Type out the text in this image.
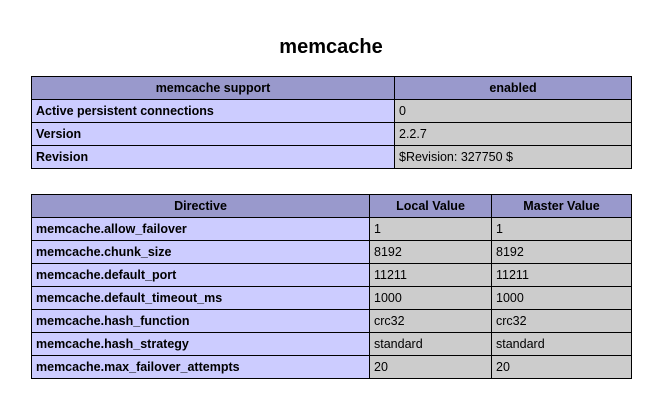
memcache
memcache support	enabled
Active persistent connections	0
Version	2.2.7
Revision	$Revision: 327750 $
Directive	Local Value	Master Value
memcache.allow_failover	1	1
memcache.chunk_size	8192	8192
memcache.default_port	11211	11211
memcache.default_timeout_ms	1000	1000
memcache.hash_function	crc32	crc32
memcache.hash_strategy	standard	standard
memcache.max_failover_attempts	20	20
